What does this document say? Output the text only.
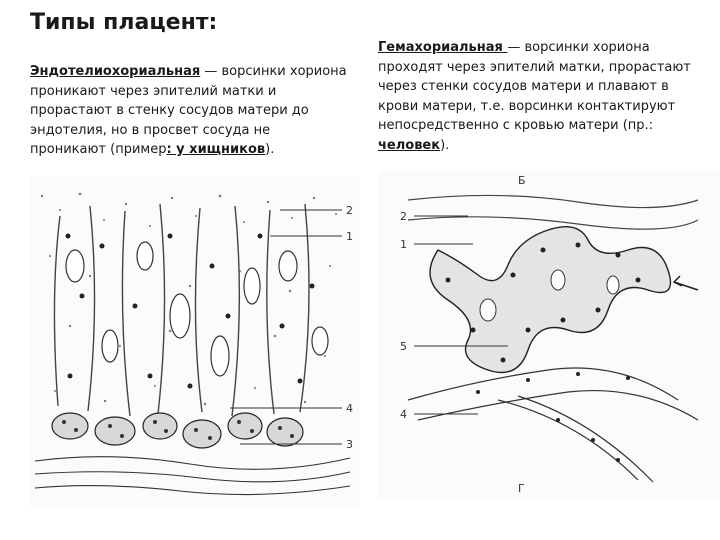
Типы плацент:
Эндотелиохориальная — ворсинки хориона
проникают через эпителий матки и
прорастают в стенку сосудов матери до
эндотелия, но в просвет сосуда не
проникают (пример: у хищников).
Гемахориальная — ворсинки хориона
проходят через эпителий матки, прорастают
через стенки сосудов матери и плавают в
крови матери, т.е. ворсинки контактируют
непосредственно с кровью матери (пр.:
человек).
2
1
4
3
Б
2
1
5
4
Г
